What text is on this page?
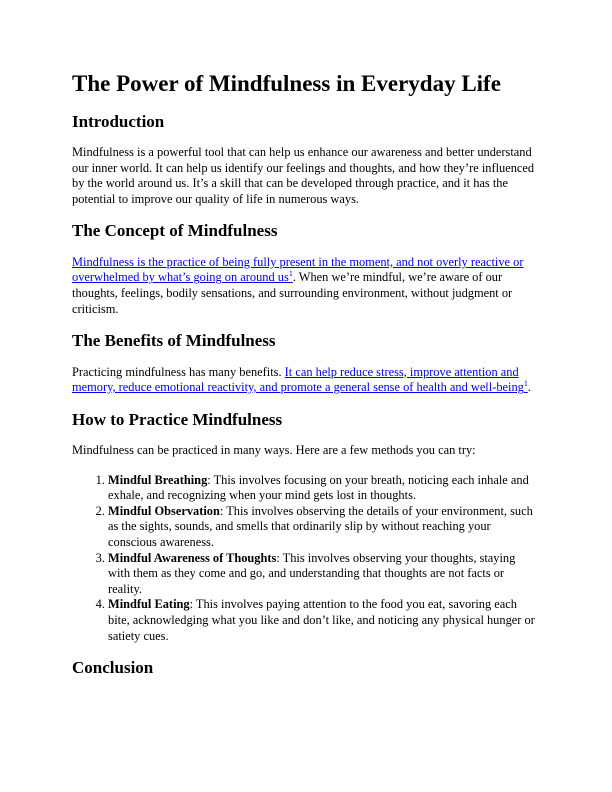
The Power of Mindfulness in Everyday Life
Introduction

Mindfulness is a powerful tool that can help us enhance our awareness and better understand our inner world. It can help us identify our feelings and thoughts, and how they’re influenced by the world around us. It’s a skill that can be developed through practice, and it has the potential to improve our quality of life in numerous ways.

The Concept of Mindfulness

Mindfulness is the practice of being fully present in the moment, and not overly reactive or overwhelmed by what’s going on around us$^1$. When we’re mindful, we’re aware of our thoughts, feelings, bodily sensations, and surrounding environment, without judgment or criticism.

The Benefits of Mindfulness

Practicing mindfulness has many benefits. It can help reduce stress, improve attention and memory, reduce emotional reactivity, and promote a general sense of health and well-being$^1$.

How to Practice Mindfulness

Mindfulness can be practiced in many ways. Here are a few methods you can try:

1. Mindful Breathing: This involves focusing on your breath, noticing each inhale and exhale, and recognizing when your mind gets lost in thoughts.
2. Mindful Observation: This involves observing the details of your environment, such as the sights, sounds, and smells that ordinarily slip by without reaching your conscious awareness.
3. Mindful Awareness of Thoughts: This involves observing your thoughts, staying with them as they come and go, and understanding that thoughts are not facts or reality.
4. Mindful Eating: This involves paying attention to the food you eat, savoring each bite, acknowledging what you like and don’t like, and noticing any physical hunger or satiety cues.
Conclusion
